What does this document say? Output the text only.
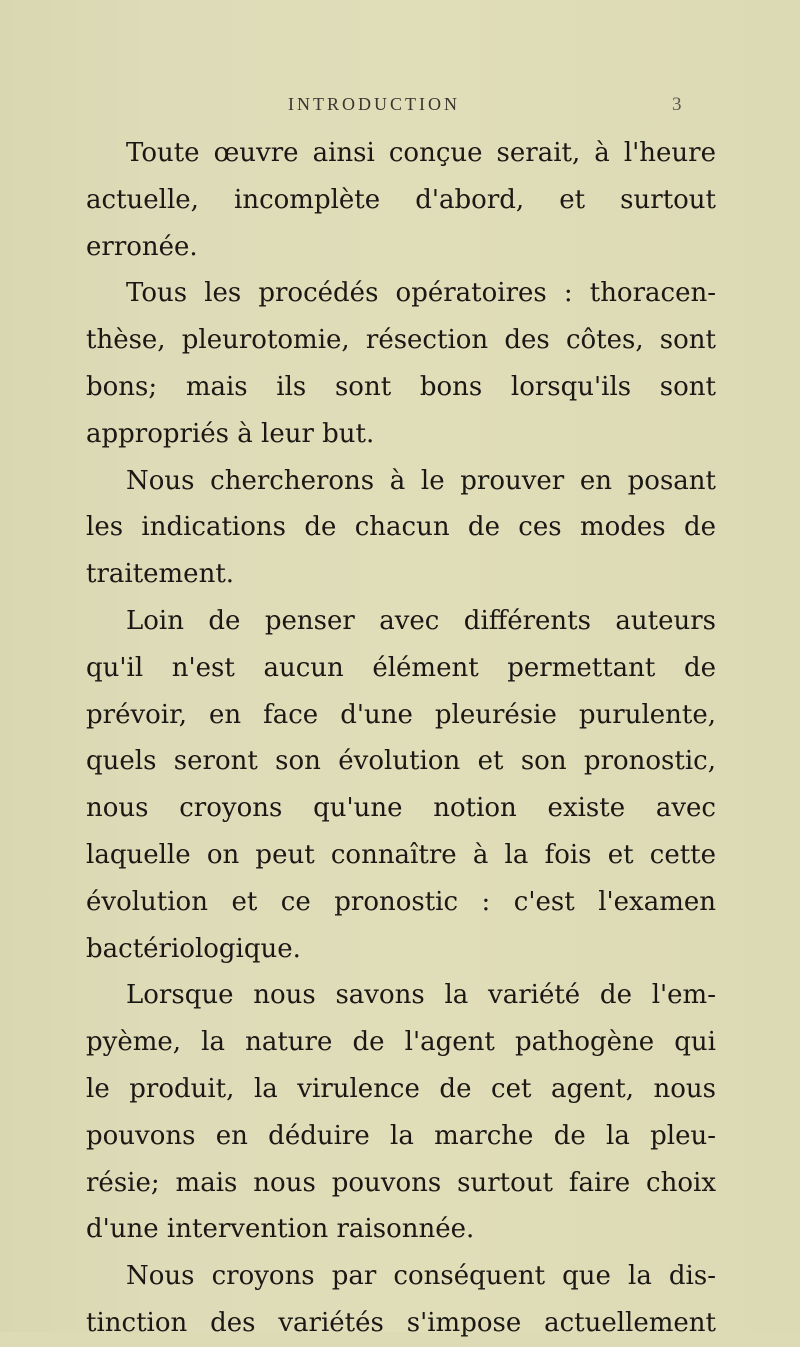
INTRODUCTION	3
Toute œuvre ainsi conçue serait, à l'heure
actuelle, incomplète d'abord, et surtout
erronée.
Tous les procédés opératoires : thoracen-
thèse, pleurotomie, résection des côtes, sont
bons; mais ils sont bons lorsqu'ils sont
appropriés à leur but.
Nous chercherons à le prouver en posant
les indications de chacun de ces modes de
traitement.
Loin de penser avec différents auteurs
qu'il n'est aucun élément permettant de
prévoir, en face d'une pleurésie purulente,
quels seront son évolution et son pronostic,
nous croyons qu'une notion existe avec
laquelle on peut connaître à la fois et cette
évolution et ce pronostic : c'est l'examen
bactériologique.
Lorsque nous savons la variété de l'em-
pyème, la nature de l'agent pathogène qui
le produit, la virulence de cet agent, nous
pouvons en déduire la marche de la pleu-
résie; mais nous pouvons surtout faire choix
d'une intervention raisonnée.
Nous croyons par conséquent que la dis-
tinction des variétés s'impose actuellement
